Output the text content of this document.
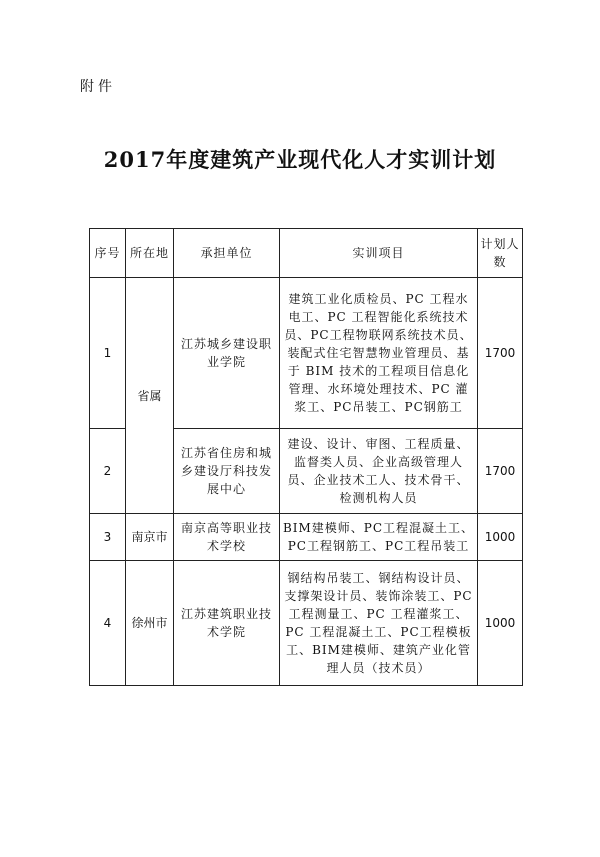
附件
2017年度建筑产业现代化人才实训计划
序号	所在地	承担单位	实训项目	计划人数
1	省属	江苏城乡建设职业学院	建筑工业化质检员、PC 工程水电工、PC 工程智能化系统技术员、PC工程物联网系统技术员、装配式住宅智慧物业管理员、基于 BIM 技术的工程项目信息化管理、水环境处理技术、PC 灌浆工、PC吊装工、PC钢筋工	1700
2		江苏省住房和城乡建设厅科技发展中心	建设、设计、审图、工程质量、监督类人员、企业高级管理人员、企业技术工人、技术骨干、检测机构人员	1700
3	南京市	南京高等职业技术学校	BIM建模师、PC工程混凝土工、PC工程钢筋工、PC工程吊装工	1000
4	徐州市	江苏建筑职业技术学院	钢结构吊装工、钢结构设计员、支撑架设计员、装饰涂装工、PC工程测量工、PC 工程灌浆工、PC 工程混凝土工、PC工程模板工、BIM建模师、建筑产业化管理人员（技术员）	1000
